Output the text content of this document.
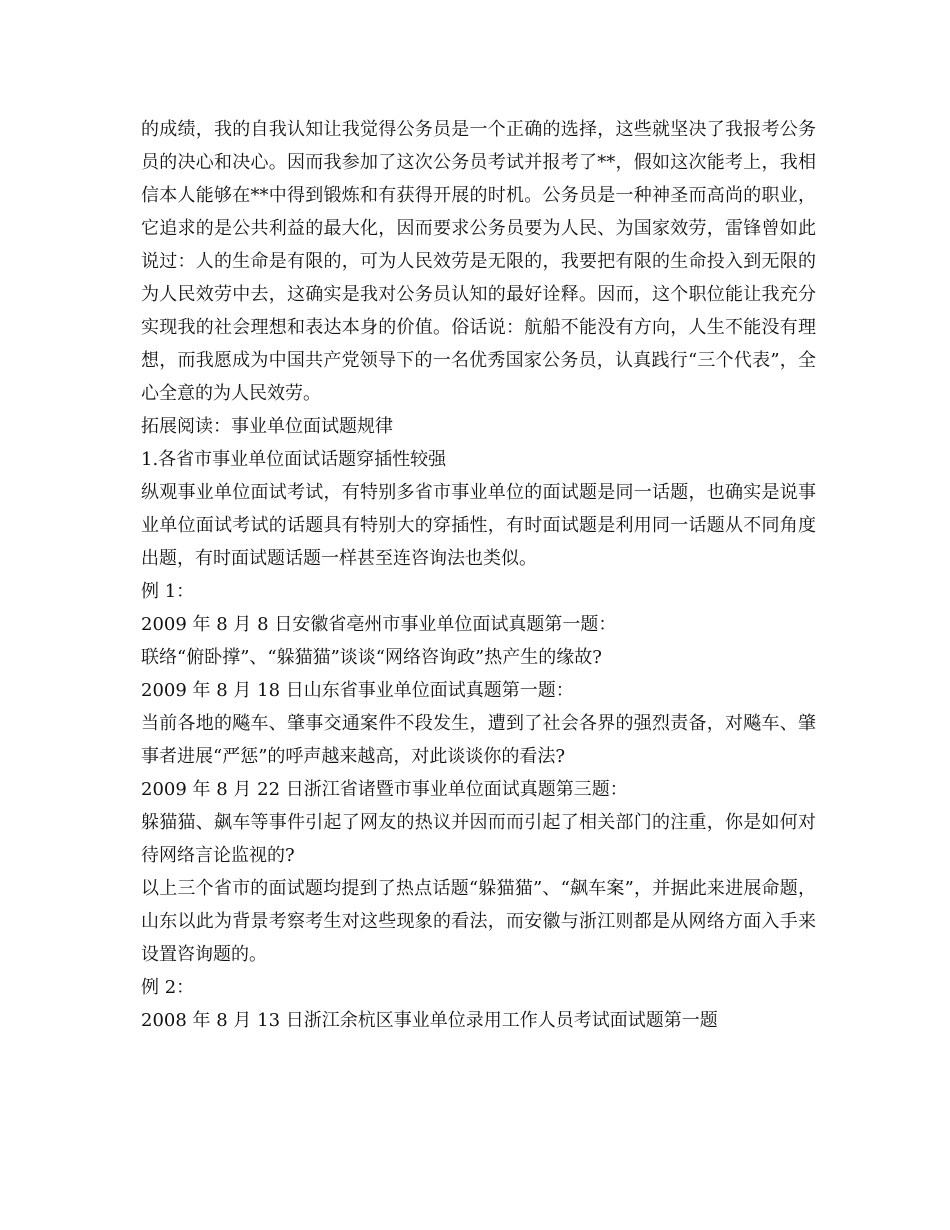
的成绩，我的自我认知让我觉得公务员是一个正确的选择，这些就坚决了我报考公务员的决心和决心。因而我参加了这次公务员考试并报考了**，假如这次能考上，我相信本人能够在**中得到锻炼和有获得开展的时机。公务员是一种神圣而高尚的职业，它追求的是公共利益的最大化，因而要求公务员要为人民、为国家效劳，雷锋曾如此说过：人的生命是有限的，可为人民效劳是无限的，我要把有限的生命投入到无限的为人民效劳中去，这确实是我对公务员认知的最好诠释。因而，这个职位能让我充分实现我的社会理想和表达本身的价值。俗话说：航船不能没有方向，人生不能没有理想，而我愿成为中国共产党领导下的一名优秀国家公务员，认真践行“三个代表”，全心全意的为人民效劳。

拓展阅读：事业单位面试题规律

1.各省市事业单位面试话题穿插性较强

纵观事业单位面试考试，有特别多省市事业单位的面试题是同一话题，也确实是说事业单位面试考试的话题具有特别大的穿插性，有时面试题是利用同一话题从不同角度出题，有时面试题话题一样甚至连咨询法也类似。

例 1：

2009 年 8 月 8 日安徽省亳州市事业单位面试真题第一题：

联络“俯卧撑”、“躲猫猫”谈谈“网络咨询政”热产生的缘故?

2009 年 8 月 18 日山东省事业单位面试真题第一题：

当前各地的飚车、肇事交通案件不段发生，遭到了社会各界的强烈责备，对飚车、肇事者进展“严惩”的呼声越来越高，对此谈谈你的看法?

2009 年 8 月 22 日浙江省诸暨市事业单位面试真题第三题：

躲猫猫、飙车等事件引起了网友的热议并因而而引起了相关部门的注重，你是如何对待网络言论监视的?

以上三个省市的面试题均提到了热点话题“躲猫猫”、“飙车案”，并据此来进展命题，山东以此为背景考察考生对这些现象的看法，而安徽与浙江则都是从网络方面入手来设置咨询题的。

例 2：

2008 年 8 月 13 日浙江余杭区事业单位录用工作人员考试面试题第一题
